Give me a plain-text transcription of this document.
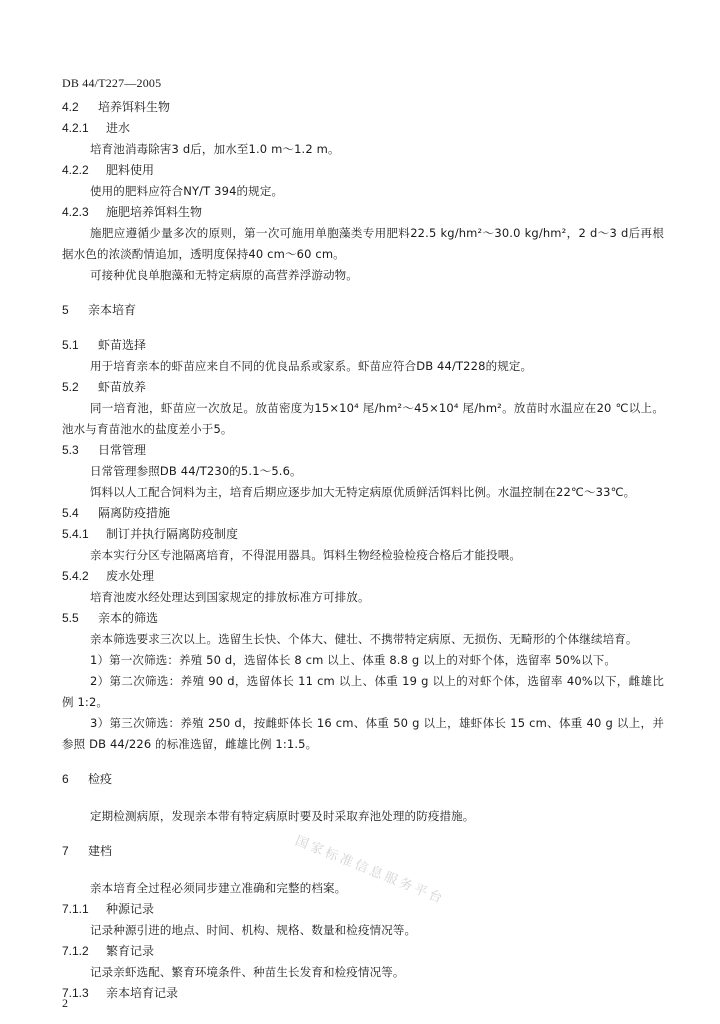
DB 44/T227—2005
4.2 培养饵料生物
4.2.1 进水
培育池消毒除害3 d后，加水至1.0 m～1.2 m。
4.2.2 肥料使用
使用的肥料应符合NY/T 394的规定。
4.2.3 施肥培养饵料生物
施肥应遵循少量多次的原则，第一次可施用单胞藻类专用肥料22.5 kg/hm²～30.0 kg/hm²，2 d～3 d后再根据水色的浓淡酌情追加，透明度保持40 cm～60 cm。
可接种优良单胞藻和无特定病原的高营养浮游动物。
5 亲本培育
5.1 虾苗选择
用于培育亲本的虾苗应来自不同的优良品系或家系。虾苗应符合DB 44/T228的规定。
5.2 虾苗放养
同一培育池，虾苗应一次放足。放苗密度为15×10⁴ 尾/hm²～45×10⁴ 尾/hm²。放苗时水温应在20 ℃以上。池水与育苗池水的盐度差小于5。
5.3 日常管理
日常管理参照DB 44/T230的5.1～5.6。
饵料以人工配合饲料为主，培育后期应逐步加大无特定病原优质鲜活饵料比例。水温控制在22℃～33℃。
5.4 隔离防疫措施
5.4.1 制订并执行隔离防疫制度
亲本实行分区专池隔离培育，不得混用器具。饵料生物经检验检疫合格后才能投喂。
5.4.2 废水处理
培育池废水经处理达到国家规定的排放标准方可排放。
5.5 亲本的筛选
亲本筛选要求三次以上。选留生长快、个体大、健壮、不携带特定病原、无损伤、无畸形的个体继续培育。
1）第一次筛选：养殖 50 d，选留体长 8 cm 以上、体重 8.8 g 以上的对虾个体，选留率 50%以下。
2）第二次筛选：养殖 90 d，选留体长 11 cm 以上、体重 19 g 以上的对虾个体，选留率 40%以下，雌雄比例 1:2。
3）第三次筛选：养殖 250 d，按雌虾体长 16 cm、体重 50 g 以上，雄虾体长 15 cm、体重 40 g 以上，并参照 DB 44/226 的标准选留，雌雄比例 1:1.5。
6 检疫
定期检测病原，发现亲本带有特定病原时要及时采取弃池处理的防疫措施。
7 建档
亲本培育全过程必须同步建立准确和完整的档案。
7.1.1 种源记录
记录种源引进的地点、时间、机构、规格、数量和检疫情况等。
7.1.2 繁育记录
记录亲虾选配、繁育环境条件、种苗生长发育和检疫情况等。
7.1.3 亲本培育记录
国家标准信息服务平台
2
